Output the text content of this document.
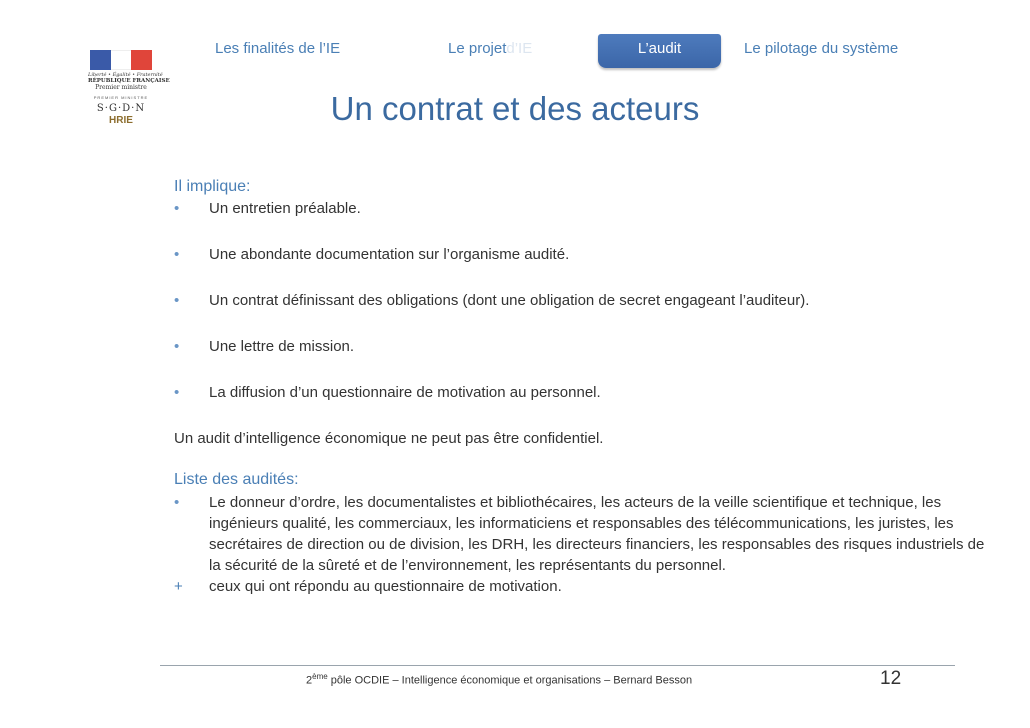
Liberté • Égalité • Fraternité
RÉPUBLIQUE FRANÇAISE
Premier ministre
PREMIER MINISTRE
S·G·D·N
HRIE
Les finalités de l’IE	Le projetd’IE	L’audit	Le pilotage du système
Un contrat et des acteurs
Il implique:
• Un entretien préalable.
• Une abondante documentation sur l’organisme audité.
• Un contrat définissant des obligations (dont une obligation de secret engageant l’auditeur).
• Une lettre de mission.
• La diffusion d’un questionnaire de motivation au personnel.
Un audit d’intelligence économique ne peut pas être confidentiel.
Liste des audités:
• Le donneur d’ordre, les documentalistes et bibliothécaires, les acteurs de la veille scientifique et technique, les ingénieurs qualité, les commerciaux, les informaticiens et responsables des télécommunications, les juristes, les secrétaires de direction ou de division, les DRH, les directeurs financiers, les responsables des risques industriels de la sécurité de la sûreté et de l’environnement, les représentants du personnel.
+ ceux qui ont répondu au questionnaire de motivation.
2ème pôle OCDIE – Intelligence économique et organisations – Bernard Besson	12
